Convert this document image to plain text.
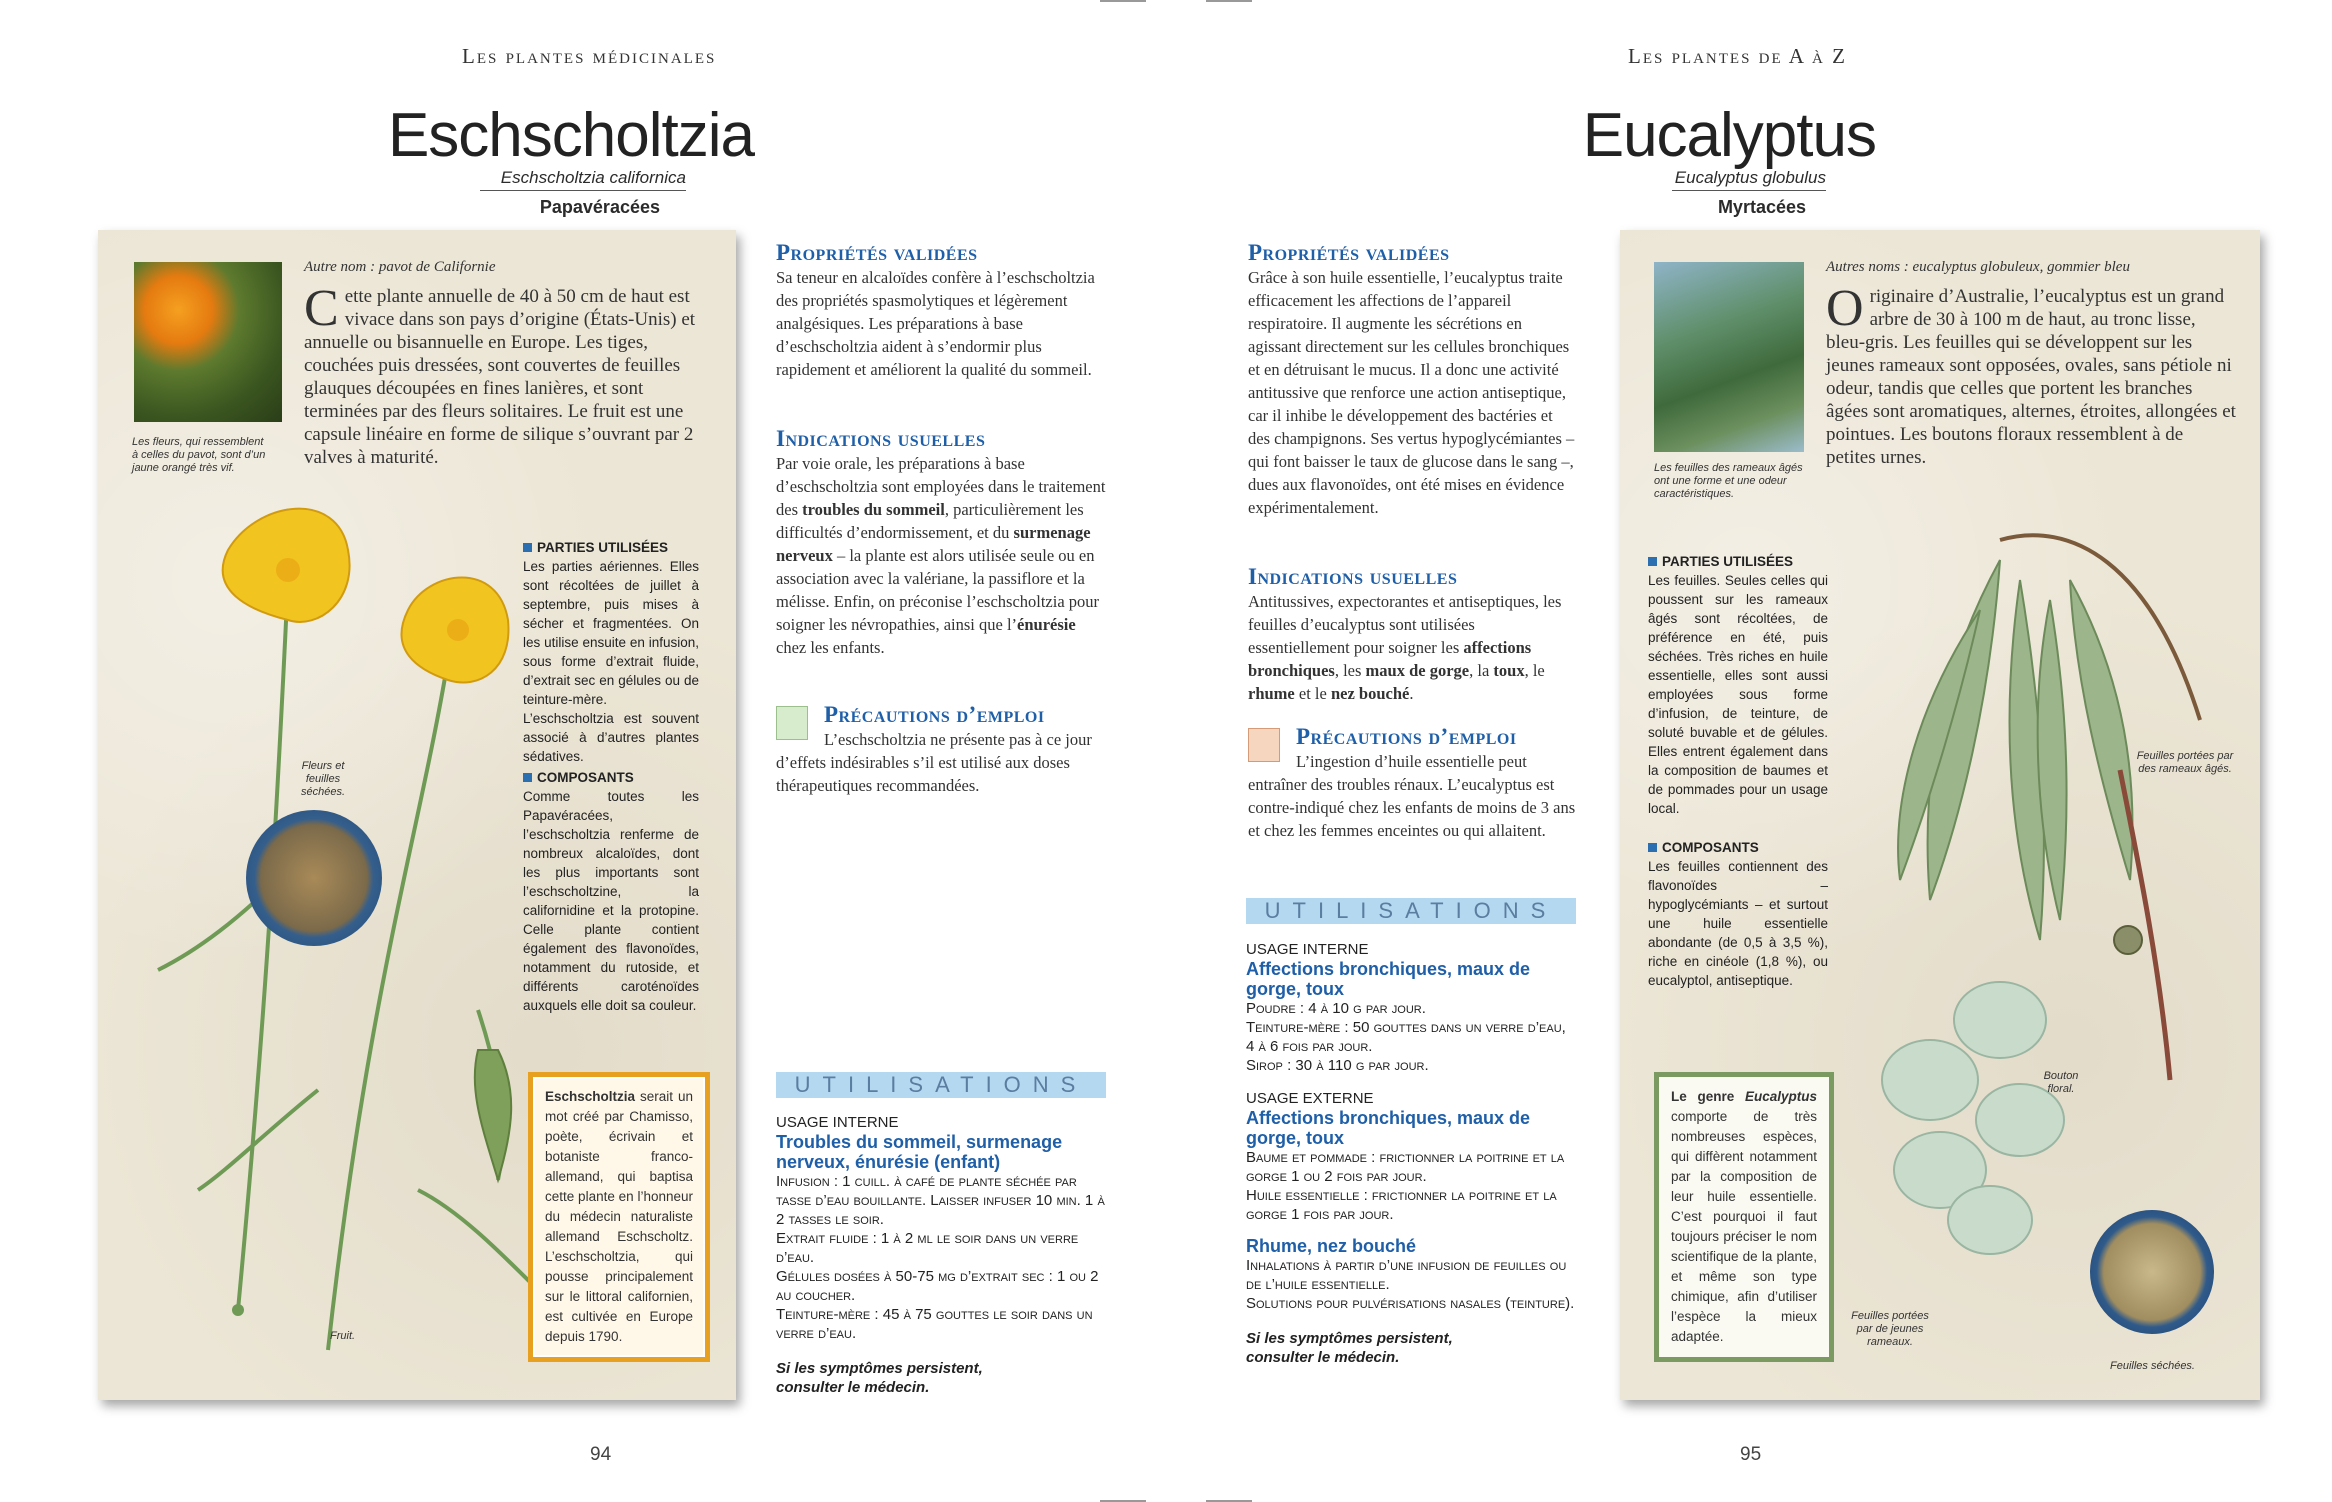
Les plantes médicinales
Eschscholtzia
Eschscholtzia californica
Papavéracées
Les fleurs, qui ressemblent à celles du pavot, sont d’un jaune orangé très vif.
Autre nom : pavot de Californie
C ette plante annuelle de 40 à 50 cm de haut est vivace dans son pays d’origine (États-Unis) et annuelle ou bisannuelle en Europe. Les tiges, couchées puis dressées, sont couvertes de feuilles glauques découpées en fines lanières, et sont terminées par des fleurs solitaires. Le fruit est une capsule linéaire en forme de silique s’ouvrant par 2 valves à maturité.
Fleurs et feuilles séchées.
Fruit.
PARTIES UTILISÉES
Les parties aériennes. Elles sont récoltées de juillet à septembre, puis mises à sécher et fragmentées. On les utilise ensuite en infusion, sous forme d’extrait fluide, d’extrait sec en gélules ou de teinture-mère. L’eschscholtzia est souvent associé à d’autres plantes sédatives.
COMPOSANTS
Comme toutes les Papavéracées, l’eschscholtzia renferme de nombreux alcaloïdes, dont les plus importants sont l’eschscholtzine, la californidine et la protopine. Celle plante contient également des flavonoïdes, notamment du rutoside, et différents caroténoïdes auxquels elle doit sa couleur.
Eschscholtzia serait un mot créé par Chamisso, poète, écrivain et botaniste franco-allemand, qui baptisa cette plante en l’honneur du médecin naturaliste allemand Eschscholtz. L’eschscholtzia, qui pousse principalement sur le littoral californien, est cultivée en Europe depuis 1790.
Propriétés validées
Sa teneur en alcaloïdes confère à l’eschscholtzia des propriétés spasmolytiques et légèrement analgésiques. Les préparations à base d’eschscholtzia aident à s’endormir plus rapidement et améliorent la qualité du sommeil.
Indications usuelles
Par voie orale, les préparations à base d’eschscholtzia sont employées dans le traitement des troubles du sommeil, particulièrement les difficultés d’endormissement, et du surmenage nerveux – la plante est alors utilisée seule ou en association avec la valériane, la passiflore et la mélisse. Enfin, on préconise l’eschscholtzia pour soigner les névropathies, ainsi que l’énurésie chez les enfants.
Précautions d’emploi
L’eschscholtzia ne présente pas à ce jour d’effets indésirables s’il est utilisé aux doses thérapeutiques recommandées.
UTILISATIONS
USAGE INTERNE
Troubles du sommeil, surmenage nerveux, énurésie (enfant)
Infusion : 1 cuill. à café de plante séchée par tasse d’eau bouillante. Laisser infuser 10 min. 1 à 2 tasses le soir.
Extrait fluide : 1 à 2 ml le soir dans un verre d’eau.
Gélules dosées à 50-75 mg d’extrait sec : 1 ou 2 au coucher.
Teinture-mère : 45 à 75 gouttes le soir dans un verre d’eau.
Si les symptômes persistent, consulter le médecin.
94
Les plantes de A à Z
Eucalyptus
Eucalyptus globulus
Myrtacées
Propriétés validées
Grâce à son huile essentielle, l’eucalyptus traite efficacement les affections de l’appareil respiratoire. Il augmente les sécrétions en agissant directement sur les cellules bronchiques et en détruisant le mucus. Il a donc une activité antitussive que renforce une action antiseptique, car il inhibe le développement des bactéries et des champignons. Ses vertus hypoglycémiantes – qui font baisser le taux de glucose dans le sang –, dues aux flavonoïdes, ont été mises en évidence expérimentalement.
Indications usuelles
Antitussives, expectorantes et antiseptiques, les feuilles d’eucalyptus sont utilisées essentiellement pour soigner les affections bronchiques, les maux de gorge, la toux, le rhume et le nez bouché.
Précautions d’emploi
L’ingestion d’huile essentielle peut entraîner des troubles rénaux. L’eucalyptus est contre-indiqué chez les enfants de moins de 3 ans et chez les femmes enceintes ou qui allaitent.
UTILISATIONS
USAGE INTERNE
Affections bronchiques, maux de gorge, toux
Poudre : 4 à 10 g par jour.
Teinture-mère : 50 gouttes dans un verre d’eau, 4 à 6 fois par jour.
Sirop : 30 à 110 g par jour.
USAGE EXTERNE
Affections bronchiques, maux de gorge, toux
Baume et pommade : frictionner la poitrine et la gorge 1 ou 2 fois par jour.
Huile essentielle : frictionner la poitrine et la gorge 1 fois par jour.
Rhume, nez bouché
Inhalations à partir d’une infusion de feuilles ou de l’huile essentielle.
Solutions pour pulvérisations nasales (teinture).
Si les symptômes persistent, consulter le médecin.
Les feuilles des rameaux âgés ont une forme et une odeur caractéristiques.
Autres noms : eucalyptus globuleux, gommier bleu
O riginaire d’Australie, l’eucalyptus est un grand arbre de 30 à 100 m de haut, au tronc lisse, bleu-gris. Les feuilles qui se développent sur les jeunes rameaux sont opposées, ovales, sans pétiole ni odeur, tandis que celles que portent les branches âgées sont aromatiques, alternes, étroites, allongées et pointues. Les boutons floraux ressemblent à de petites urnes.
PARTIES UTILISÉES
Les feuilles. Seules celles qui poussent sur les rameaux âgés sont récoltées, de préférence en été, puis séchées. Très riches en huile essentielle, elles sont aussi employées sous forme d’infusion, de teinture, de soluté buvable et de gélules. Elles entrent également dans la composition de baumes et de pommades pour un usage local.
COMPOSANTS
Les feuilles contiennent des flavonoïdes – hypoglycémiants – et surtout une huile essentielle abondante (de 0,5 à 3,5 %), riche en cinéole (1,8 %), ou eucalyptol, antiseptique.
Feuilles portées par des rameaux âgés.
Bouton floral.
Feuilles portées par de jeunes rameaux.
Feuilles séchées.
Le genre Eucalyptus comporte de très nombreuses espèces, qui diffèrent notamment par la composition de leur huile essentielle. C’est pourquoi il faut toujours préciser le nom scientifique de la plante, et même son type chimique, afin d’utiliser l’espèce la mieux adaptée.
95
